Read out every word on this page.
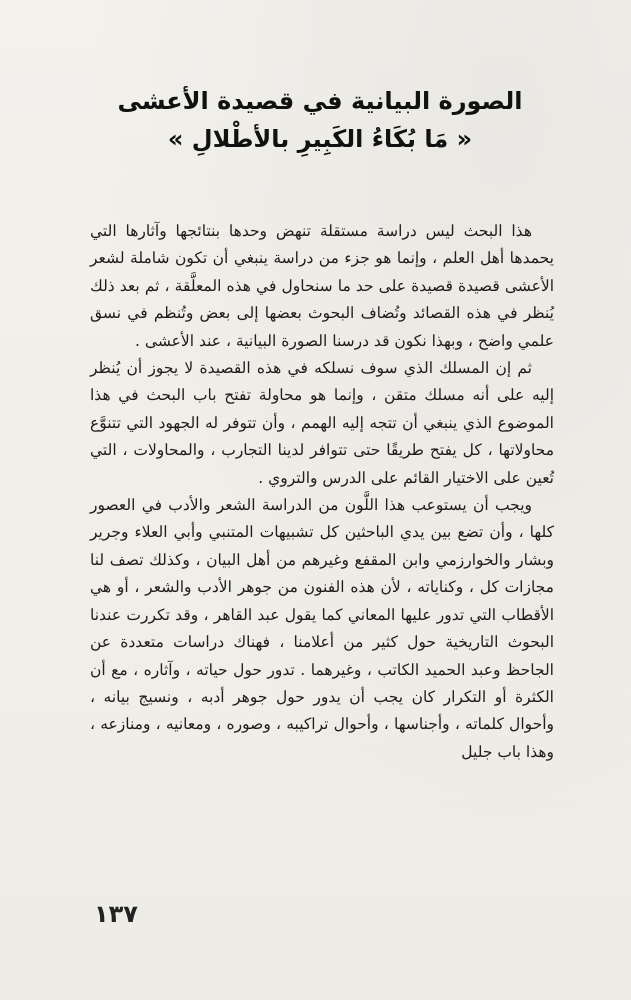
الصورة البيانية في قصيدة الأعشى
« مَا بُكَاءُ الكَبِيرِ بالأطْلالِ »

هذا البحث ليس دراسة مستقلة تنهض وحدها بنتائجها وآثارها التي يحمدها أهل العلم ، وإنما هو جزء من دراسة ينبغي أن تكون شاملة لشعر الأعشى قصيدة قصيدة على حد ما سنحاول في هذه المعلَّقة ، ثم بعد ذلك يُنظر في هذه القصائد وتُضاف البحوث بعضها إلى بعض وتُنظم في نسق علمي واضح ، وبهذا نكون قد درسنا الصورة البيانية ، عند الأعشى .

ثم إن المسلك الذي سوف نسلكه في هذه القصيدة لا يجوز أن يُنظر إليه على أنه مسلك متقن ، وإنما هو محاولة تفتح باب البحث في هذا الموضوع الذي ينبغي أن تتجه إليه الهمم ، وأن تتوفر له الجهود التي تتنوَّع محاولاتها ، كل يفتح طريقًا حتى تتوافر لدينا التجارب ، والمحاولات ، التي تُعين على الاختيار القائم على الدرس والتروي .

ويجب أن يستوعب هذا اللَّون من الدراسة الشعر والأدب في العصور كلها ، وأن تضع بين يدي الباحثين كل تشبيهات المتنبي وأبي العلاء وجرير وبشار والخوارزمي وابن المقفع وغيرهم من أهل البيان ، وكذلك تصف لنا مجازات كل ، وكناياته ، لأن هذه الفنون من جوهر الأدب والشعر ، أو هي الأقطاب التي تدور عليها المعاني كما يقول عبد القاهر ، وقد تكررت عندنا البحوث التاريخية حول كثير من أعلامنا ، فهناك دراسات متعددة عن الجاحظ وعبد الحميد الكاتب ، وغيرهما . تدور حول حياته ، وآثاره ، مع أن الكثرة أو التكرار كان يجب أن يدور حول جوهر أدبه ، ونسيج بيانه ، وأحوال كلماته ، وأجناسها ، وأحوال تراكيبه ، وصوره ، ومعانيه ، ومنازعه ، وهذا باب جليل

١٣٧
